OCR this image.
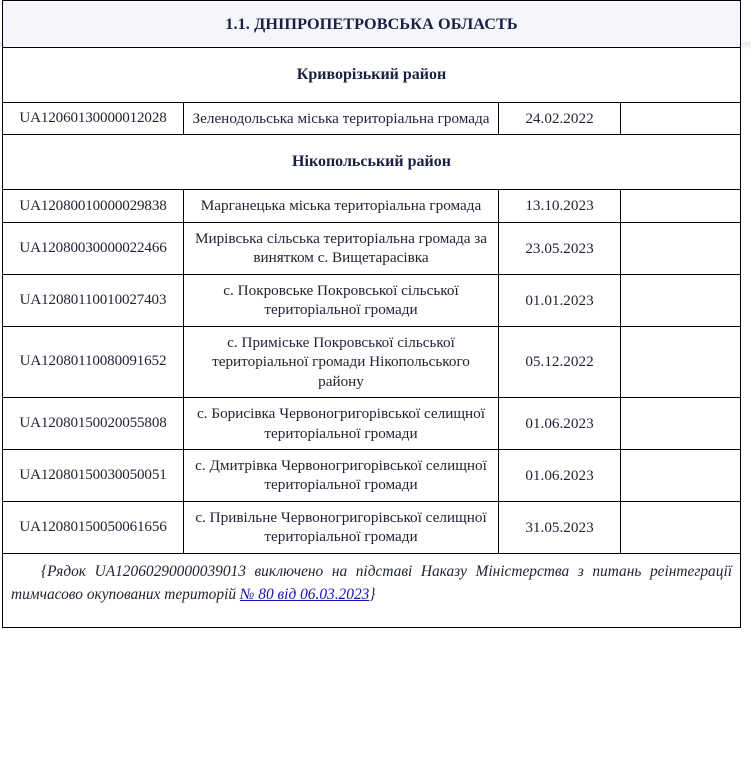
1.1. ДНІПРОПЕТРОВСЬКА ОБЛАСТЬ			
Криворізький район			
UA12060130000012028	Зеленодольська міська територіальна громада	24.02.2022	
Нікопольський район			
UA12080010000029838	Марганецька міська територіальна громада	13.10.2023	
UA12080030000022466	Мирівська сільська територіальна громада за винятком с. Вищетарасівка	23.05.2023	
UA12080110010027403	с. Покровське Покровської сільської територіальної громади	01.01.2023	
UA12080110080091652	с. Приміське Покровської сільської територіальної громади Нікопольського району	05.12.2022	
UA12080150020055808	с. Борисівка Червоногригорівської селищної територіальної громади	01.06.2023	
UA12080150030050051	с. Дмитрівка Червоногригорівської селищної територіальної громади	01.06.2023	
UA12080150050061656	с. Привільне Червоногригорівської селищної територіальної громади	31.05.2023	

{Рядок UA12060290000039013 виключено на підставі Наказу Міністерства з питань реінтеграції тимчасово окупованих територій № 80 від 06.03.2023}			
